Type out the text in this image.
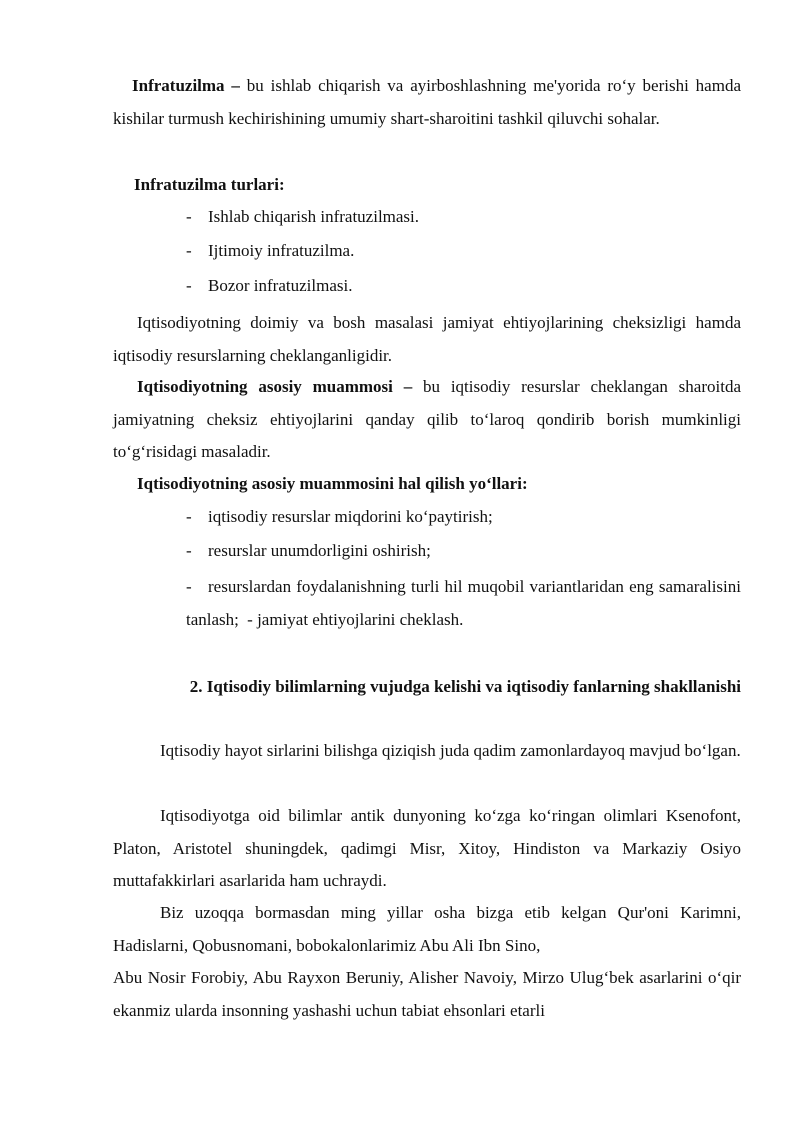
Infratuzilma – bu ishlab chiqarish va ayirboshlashning me'yorida ro‘y berishi hamda kishilar turmush kechirishining umumiy shart-sharoitini tashkil qiluvchi sohalar.

Infratuzilma turlari:

- Ishlab chiqarish infratuzilmasi.
- Ijtimoiy infratuzilma.
- Bozor infratuzilmasi.

Iqtisodiyotning doimiy va bosh masalasi jamiyat ehtiyojlarining cheksizligi hamda iqtisodiy resurslarning cheklanganligidir.

Iqtisodiyotning asosiy muammosi – bu iqtisodiy resurslar cheklangan sharoitda jamiyatning cheksiz ehtiyojlarini qanday qilib to‘laroq qondirib borish mumkinligi to‘g‘risidagi masaladir.

Iqtisodiyotning asosiy muammosini hal qilish yo‘llari:

- iqtisodiy resurslar miqdorini ko‘paytirish;
- resurslar unumdorligini oshirish;

- resurslardan foydalanishning turli hil muqobil variantlaridan eng samaralisini tanlash; - jamiyat ehtiyojlarini cheklash.

2. Iqtisodiy bilimlarning vujudga kelishi va iqtisodiy fanlarning shakllanishi

Iqtisodiy hayot sirlarini bilishga qiziqish juda qadim zamonlardayoq mavjud bo‘lgan.

Iqtisodiyotga oid bilimlar antik dunyoning ko‘zga ko‘ringan olimlari Ksenofont, Platon, Aristotel shuningdek, qadimgi Misr, Xitoy, Hindiston va Markaziy Osiyo muttafakkirlari asarlarida ham uchraydi.

Biz uzoqqa bormasdan ming yillar osha bizga etib kelgan Qur'oni Karimni, Hadislarni, Qobusnomani, bobokalonlarimiz Abu Ali Ibn Sino,

Abu Nosir Forobiy, Abu Rayxon Beruniy, Alisher Navoiy, Mirzo Ulug‘bek asarlarini o‘qir ekanmiz ularda insonning yashashi uchun tabiat ehsonlari etarli
